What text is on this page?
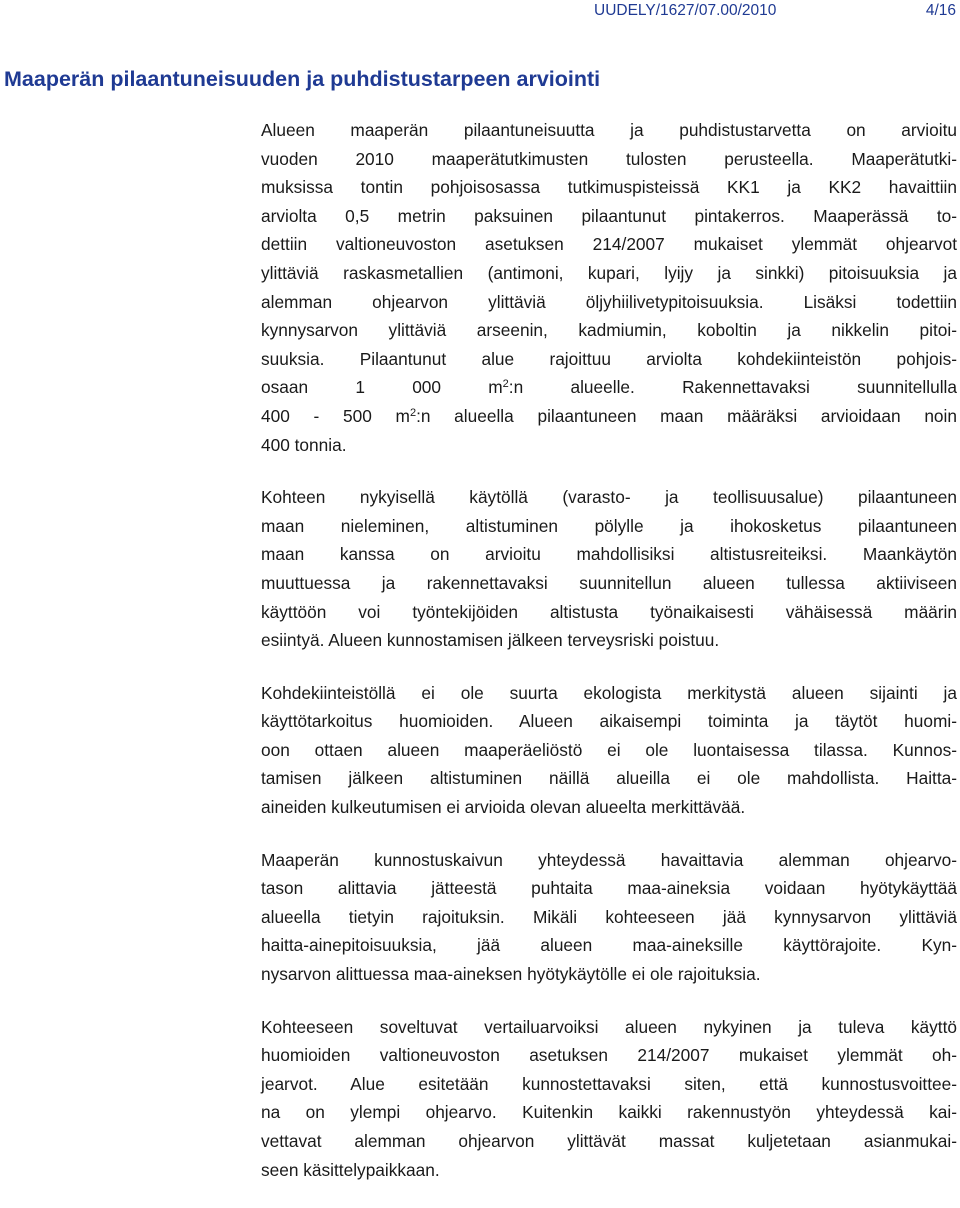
UUDELY/1627/07.00/2010	4/16
Maaperän pilaantuneisuuden ja puhdistustarpeen arviointi

Alueen maaperän pilaantuneisuutta ja puhdistustarvetta on arvioitu
vuoden 2010 maaperätutkimusten tulosten perusteella. Maaperätutki-
muksissa tontin pohjoisosassa tutkimuspisteissä KK1 ja KK2 havaittiin
arviolta 0,5 metrin paksuinen pilaantunut pintakerros. Maaperässä to-
dettiin valtioneuvoston asetuksen 214/2007 mukaiset ylemmät ohjearvot
ylittäviä raskasmetallien (antimoni, kupari, lyijy ja sinkki) pitoisuuksia ja
alemman ohjearvon ylittäviä öljyhiilivetypitoisuuksia. Lisäksi todettiin
kynnysarvon ylittäviä arseenin, kadmiumin, koboltin ja nikkelin pitoi-
suuksia. Pilaantunut alue rajoittuu arviolta kohdekiinteistön pohjois-
osaan 1 000 $m^2:n$ alueelle. Rakennettavaksi suunnitellulla
400 - 500 $m^2:n$ alueella pilaantuneen maan määräksi arvioidaan noin
400 tonnia.

Kohteen nykyisellä käytöllä (varasto- ja teollisuusalue) pilaantuneen
maan nieleminen, altistuminen pölylle ja ihokosketus pilaantuneen
maan kanssa on arvioitu mahdollisiksi altistusreiteiksi. Maankäytön
muuttuessa ja rakennettavaksi suunnitellun alueen tullessa aktiiviseen
käyttöön voi työntekijöiden altistusta työnaikaisesti vähäisessä määrin
esiintyä. Alueen kunnostamisen jälkeen terveysriski poistuu.

Kohdekiinteistöllä ei ole suurta ekologista merkitystä alueen sijainti ja
käyttötarkoitus huomioiden. Alueen aikaisempi toiminta ja täytöt huomi-
oon ottaen alueen maaperäeliöstö ei ole luontaisessa tilassa. Kunnos-
tamisen jälkeen altistuminen näillä alueilla ei ole mahdollista. Haitta-
aineiden kulkeutumisen ei arvioida olevan alueelta merkittävää.

Maaperän kunnostuskaivun yhteydessä havaittavia alemman ohjearvo-
tason alittavia jätteestä puhtaita maa-aineksia voidaan hyötykäyttää
alueella tietyin rajoituksin. Mikäli kohteeseen jää kynnysarvon ylittäviä
haitta-ainepitoisuuksia, jää alueen maa-aineksille käyttörajoite. Kyn-
nysarvon alittuessa maa-aineksen hyötykäytölle ei ole rajoituksia.

Kohteeseen soveltuvat vertailuarvoiksi alueen nykyinen ja tuleva käyttö
huomioiden valtioneuvoston asetuksen 214/2007 mukaiset ylemmät oh-
jearvot. Alue esitetään kunnostettavaksi siten, että kunnostusvoittee-
na on ylempi ohjearvo. Kuitenkin kaikki rakennustyön yhteydessä kai-
vettavat alemman ohjearvon ylittävät massat kuljetetaan asianmukai-
seen käsittelypaikkaan.
